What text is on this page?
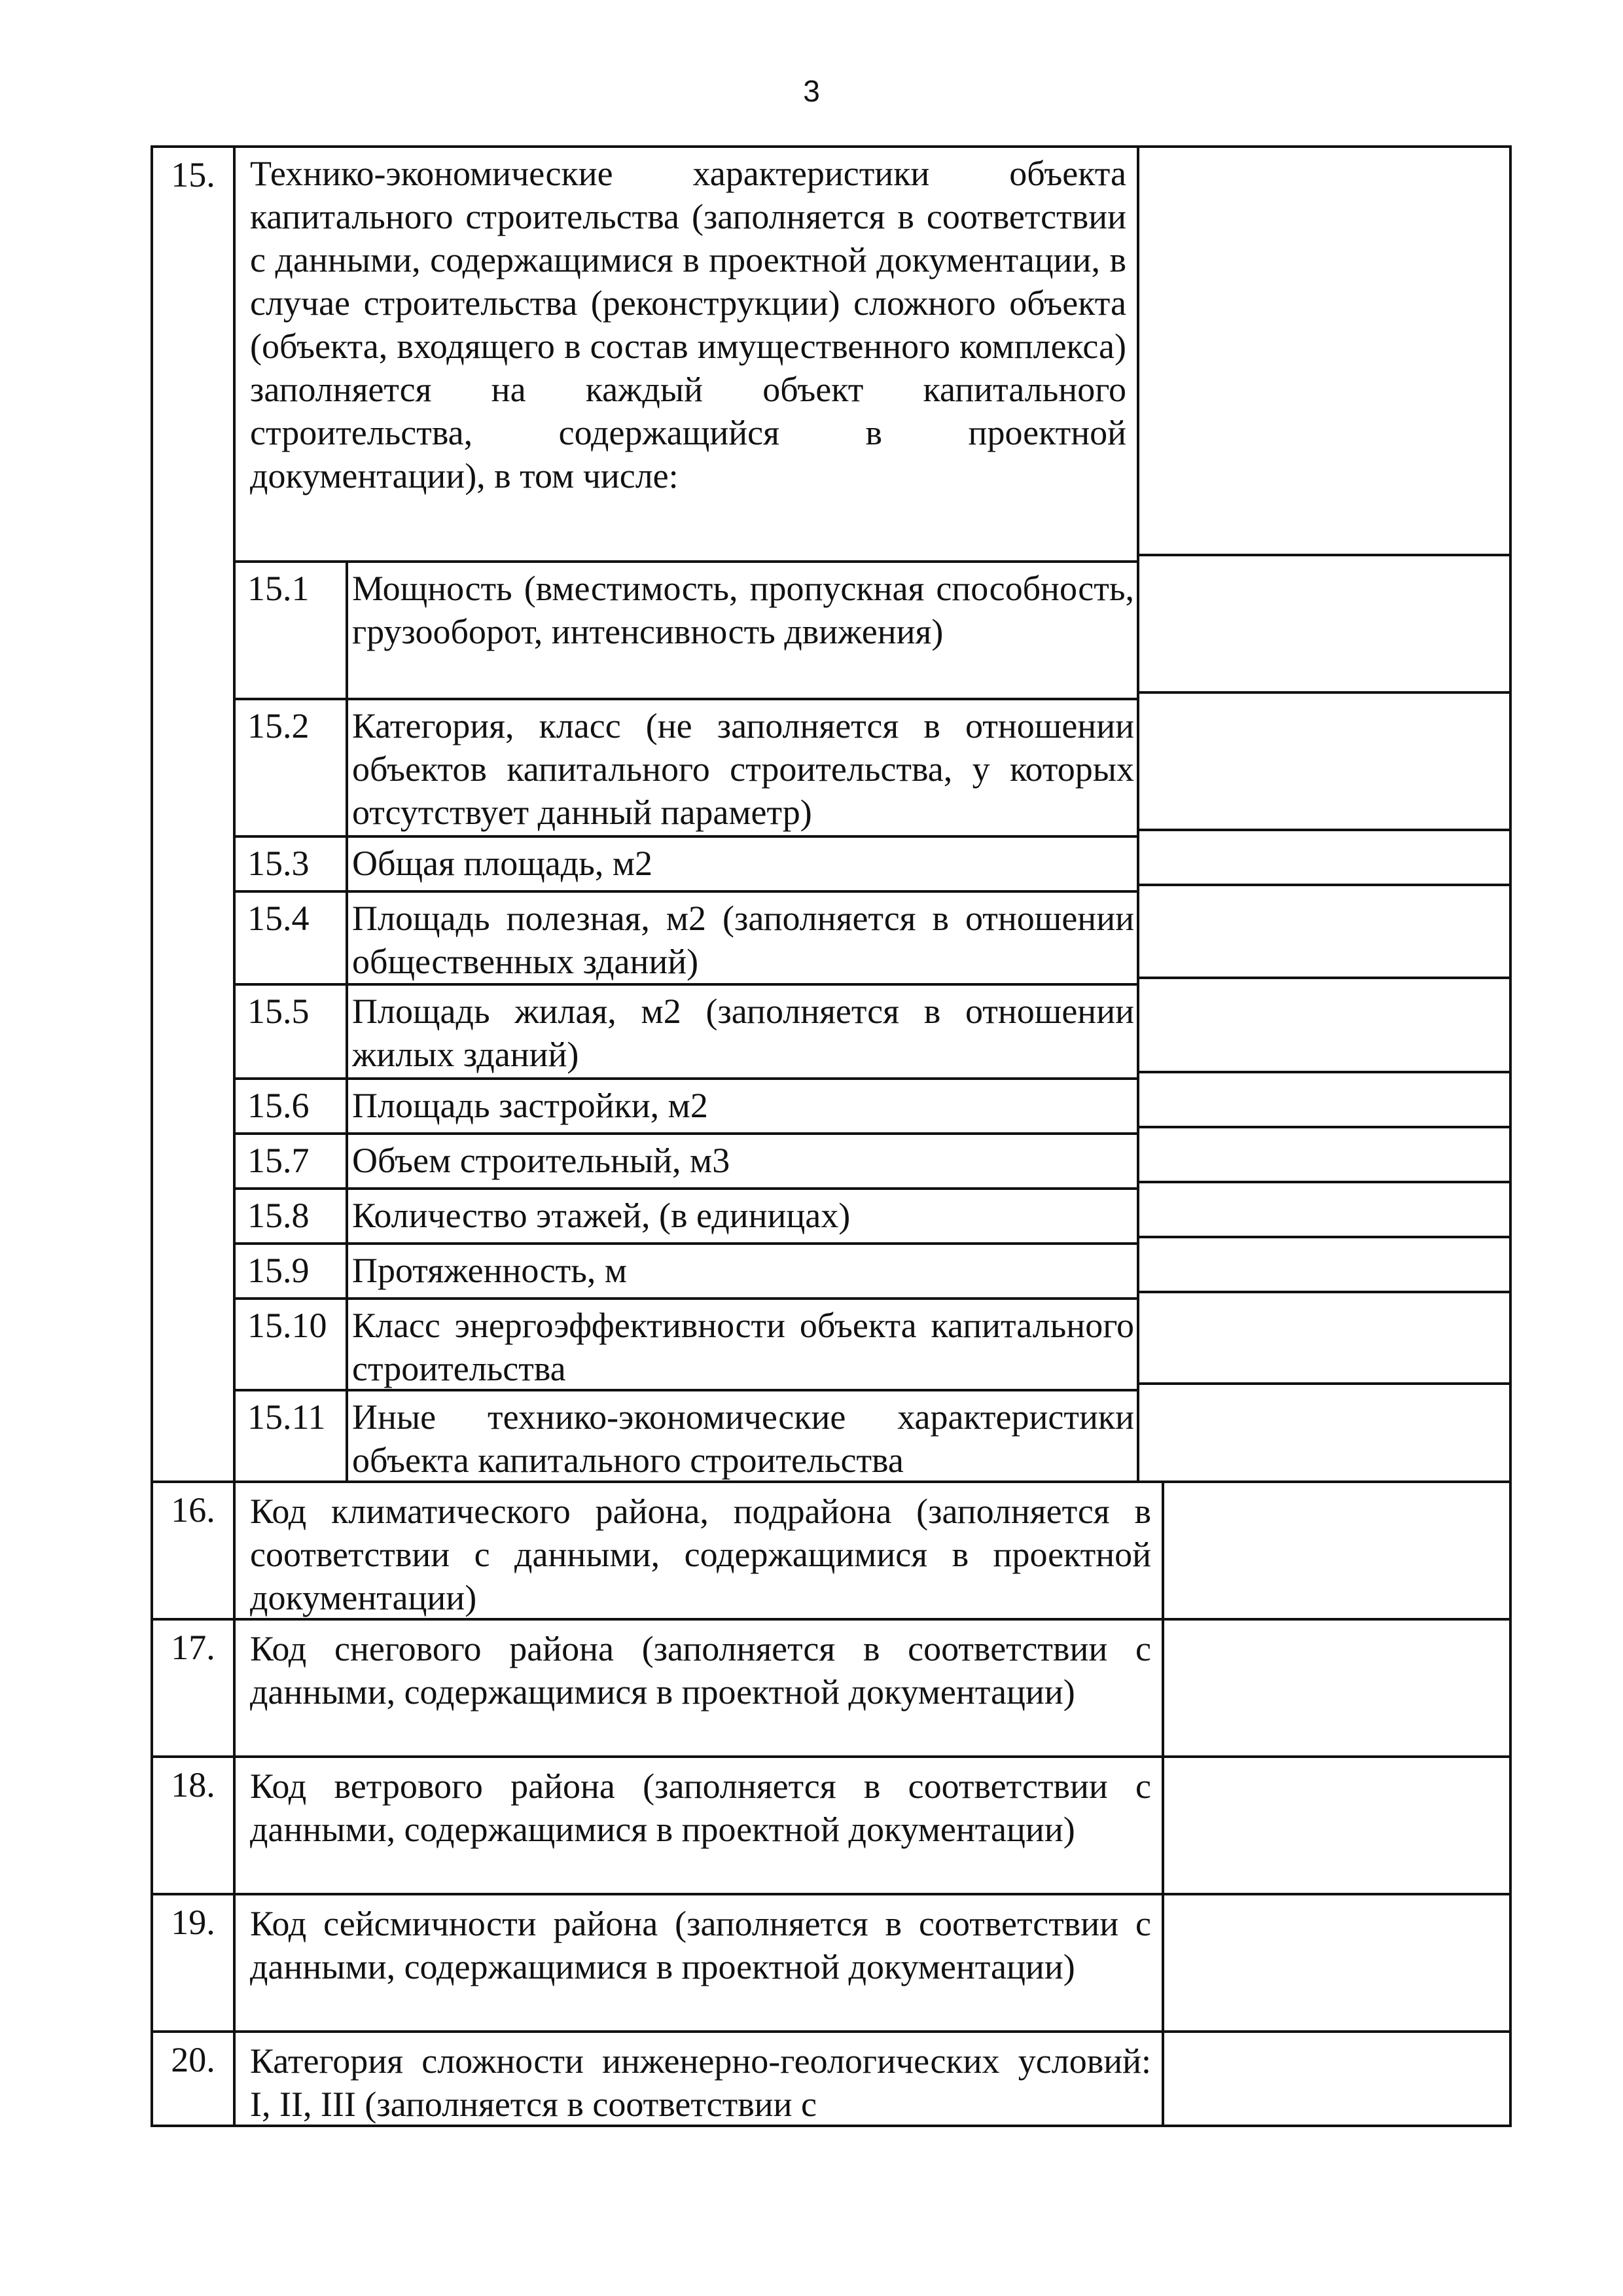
3
15. Технико-экономические характеристики объекта капитального строительства (заполняется в соответствии с данными, содержащимися в проектной документации, в случае строительства (реконструкции) сложного объекта (объекта, входящего в состав имущественного комплекса) заполняется на каждый объект капитального строительства, содержащийся в проектной документации), в том числе:
15.1	Мощность (вместимость, пропускная способность, грузооборот, интенсивность движения)
15.2	Категория, класс (не заполняется в отношении объектов капитального строительства, у которых отсутствует данный параметр)
15.3	Общая площадь, м2
15.4	Площадь полезная, м2 (заполняется в отношении общественных зданий)
15.5	Площадь жилая, м2 (заполняется в отношении жилых зданий)
15.6	Площадь застройки, м2
15.7	Объем строительный, м3
15.8	Количество этажей, (в единицах)
15.9	Протяженность, м
15.10 Класс энергоэффективности объекта капитального строительства
15.11 Иные технико-экономические характеристики объекта капитального строительства
16. Код климатического района, подрайона (заполняется в соответствии с данными, содержащимися в проектной документации)
17. Код снегового района (заполняется в соответствии с данными, содержащимися в проектной документации)
18. Код ветрового района (заполняется в соответствии с данными, содержащимися в проектной документации)
19. Код сейсмичности района (заполняется в соответствии с данными, содержащимися в проектной документации)
20. Категория сложности инженерно-геологических условий: I, II, III (заполняется в соответствии с
